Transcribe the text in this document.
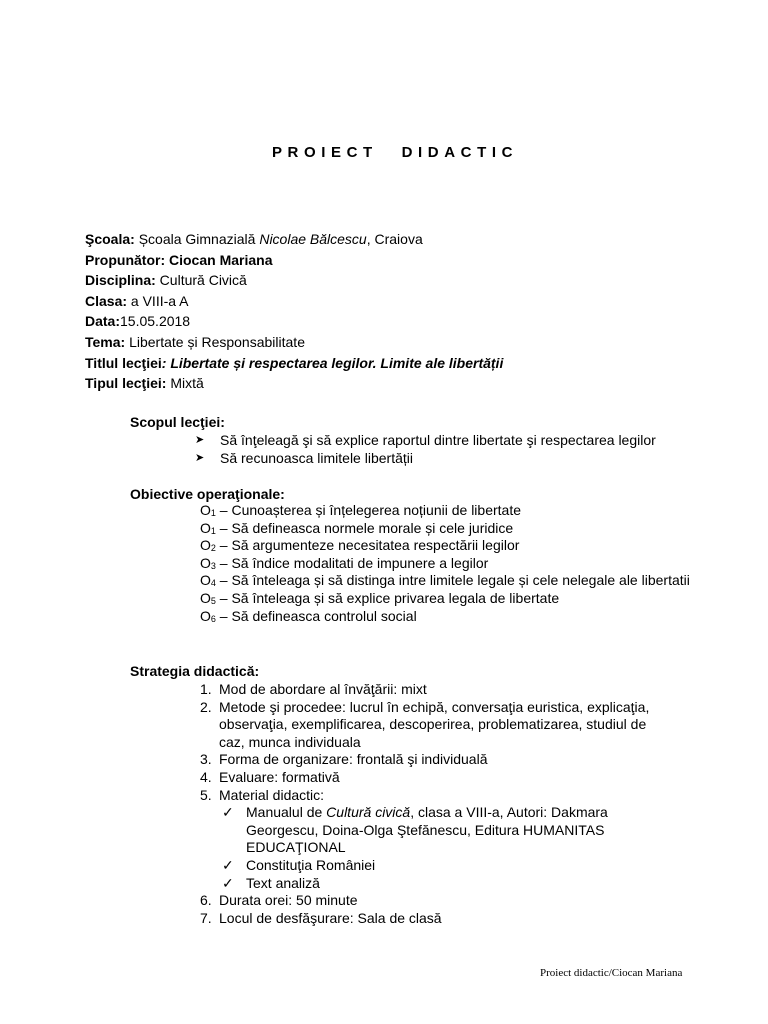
PROIECT DIDACTIC
Şcoala: Școala Gimnazială Nicolae Bălcescu, Craiova
Propunător: Ciocan Mariana
Disciplina: Cultură Civică
Clasa: a VIII-a A
Data:15.05.2018
Tema: Libertate și Responsabilitate
Titlul lecţiei: Libertate și respectarea legilor. Limite ale libertății
Tipul lecţiei: Mixtă
Scopul lecţiei:
➤	Să înţeleagă şi să explice raportul dintre libertate şi respectarea legilor
➤	Să recunoasca limitele libertății
Obiective operaţionale:
$O_1$ – Cunoașterea și înțelegerea noțiunii de libertate
$O_1$ – Să defineasca normele morale și cele juridice
$O_2$ – Să argumenteze necesitatea respectării legilor
$O_3$ – Să îndice modalitati de impunere a legilor
$O_4$ – Să înteleaga și să distinga intre limitele legale și cele nelegale ale libertatii
$O_5$ – Să înteleaga și să explice privarea legala de libertate
$O_6$ – Să defineasca controlul social
Strategia didactică:
1. Mod de abordare al învăţării: mixt
2. Metode şi procedee: lucrul în echipă, conversaţia euristica, explicaţia, observaţia, exemplificarea, descoperirea, problematizarea, studiul de caz, munca individuala
3. Forma de organizare: frontală şi individuală
4. Evaluare: formativă
5. Material didactic:
✓ Manualul de Cultură civică, clasa a VIII-a, Autori: Dakmara Georgescu, Doina-Olga Ştefănescu, Editura HUMANITAS EDUCAŢIONAL
✓ Constituţia României
✓ Text analiză
6. Durata orei: 50 minute
7. Locul de desfăşurare: Sala de clasă
Proiect didactic/Ciocan Mariana
